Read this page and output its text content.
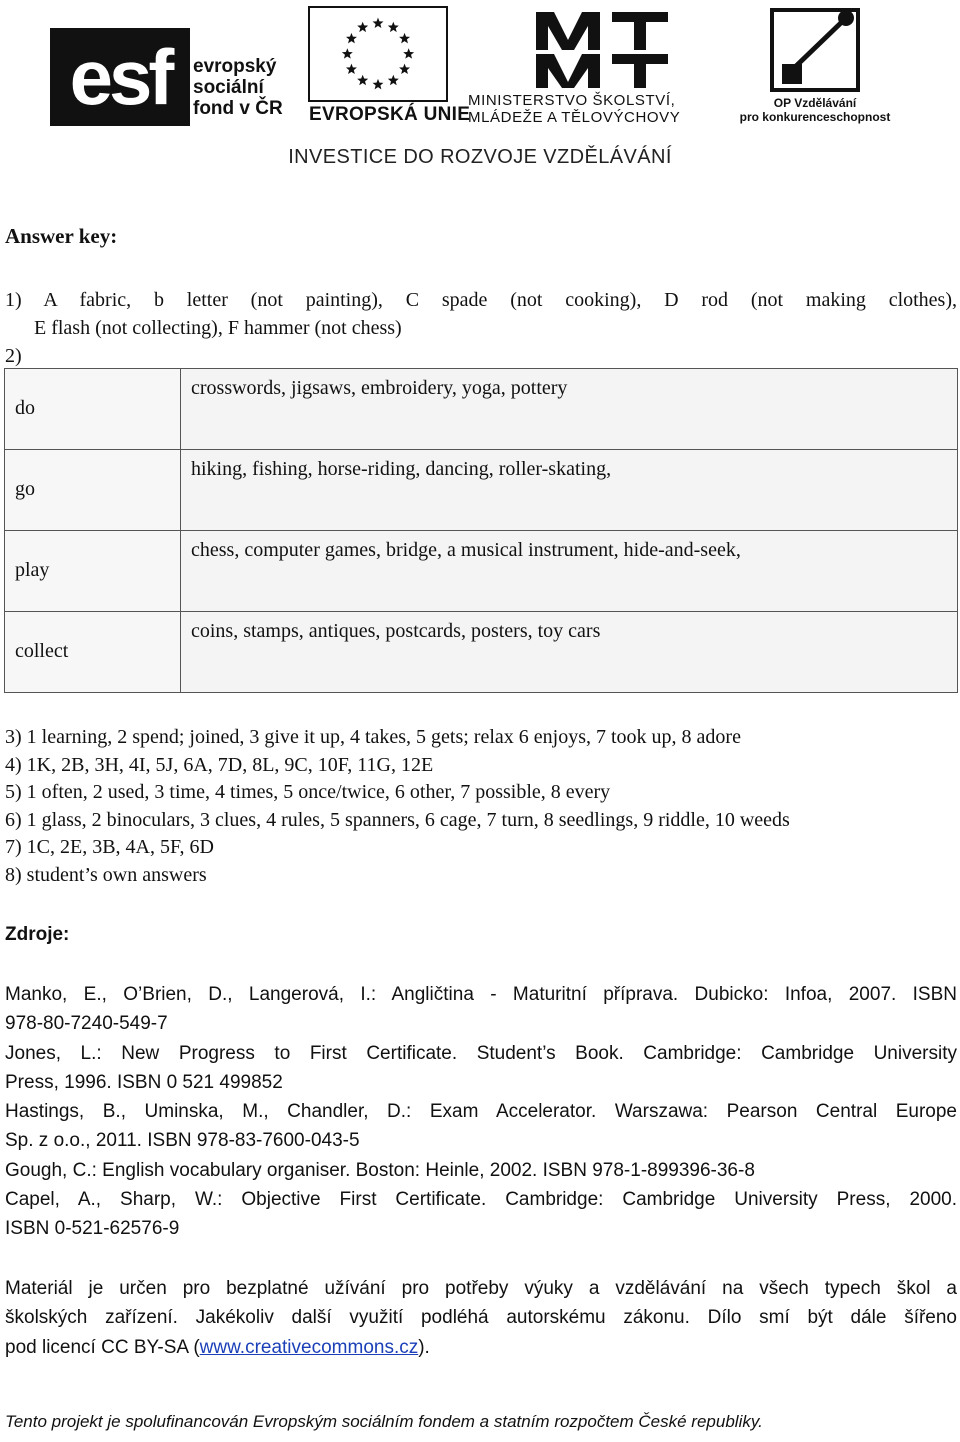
esf	evropský
sociální
fond v ČR EVROPSKÁ UNIE
MINISTERSTVO ŠKOLSTVÍ,
MLÁDEŽE A TĚLOVÝCHOVY
OP Vzdělávání
pro konkurenceschopnost
INVESTICE DO ROZVOJE VZDĚLÁVÁNÍ
Answer key:
1) A fabric, b letter (not painting), C spade (not cooking), D rod (not making clothes),
E flash (not collecting), F hammer (not chess)
2)
do	crosswords, jigsaws, embroidery, yoga, pottery

go	hiking, fishing, horse-riding, dancing, roller-skating,

play	chess, computer games, bridge, a musical instrument, hide-and-seek,

collect	coins, stamps, antiques, postcards, posters, toy cars
3) 1 learning, 2 spend; joined, 3 give it up, 4 takes, 5 gets; relax 6 enjoys, 7 took up, 8 adore
4) 1K, 2B, 3H, 4I, 5J, 6A, 7D, 8L, 9C, 10F, 11G, 12E
5) 1 often, 2 used, 3 time, 4 times, 5 once/twice, 6 other, 7 possible, 8 every
6) 1 glass, 2 binoculars, 3 clues, 4 rules, 5 spanners, 6 cage, 7 turn, 8 seedlings, 9 riddle, 10 weeds
7) 1C, 2E, 3B, 4A, 5F, 6D
8) student’s own answers
Zdroje:
Manko, E., O’Brien, D., Langerová, I.: Angličtina - Maturitní příprava. Dubicko: Infoa, 2007. ISBN
978-80-7240-549-7
Jones, L.: New Progress to First Certificate. Student’s Book. Cambridge: Cambridge University
Press, 1996. ISBN 0 521 499852
Hastings, B., Uminska, M., Chandler, D.: Exam Accelerator. Warszawa: Pearson Central Europe
Sp. z o.o., 2011. ISBN 978-83-7600-043-5
Gough, C.: English vocabulary organiser. Boston: Heinle, 2002. ISBN 978-1-899396-36-8
Capel, A., Sharp, W.: Objective First Certificate. Cambridge: Cambridge University Press, 2000.
ISBN 0-521-62576-9
Materiál je určen pro bezplatné užívání pro potřeby výuky a vzdělávání na všech typech škol a
školských zařízení. Jakékoliv další využití podléhá autorskému zákonu. Dílo smí být dále šířeno
pod licencí CC BY-SA (www.creativecommons.cz).
Tento projekt je spolufinancován Evropským sociálním fondem a statním rozpočtem České republiky.
